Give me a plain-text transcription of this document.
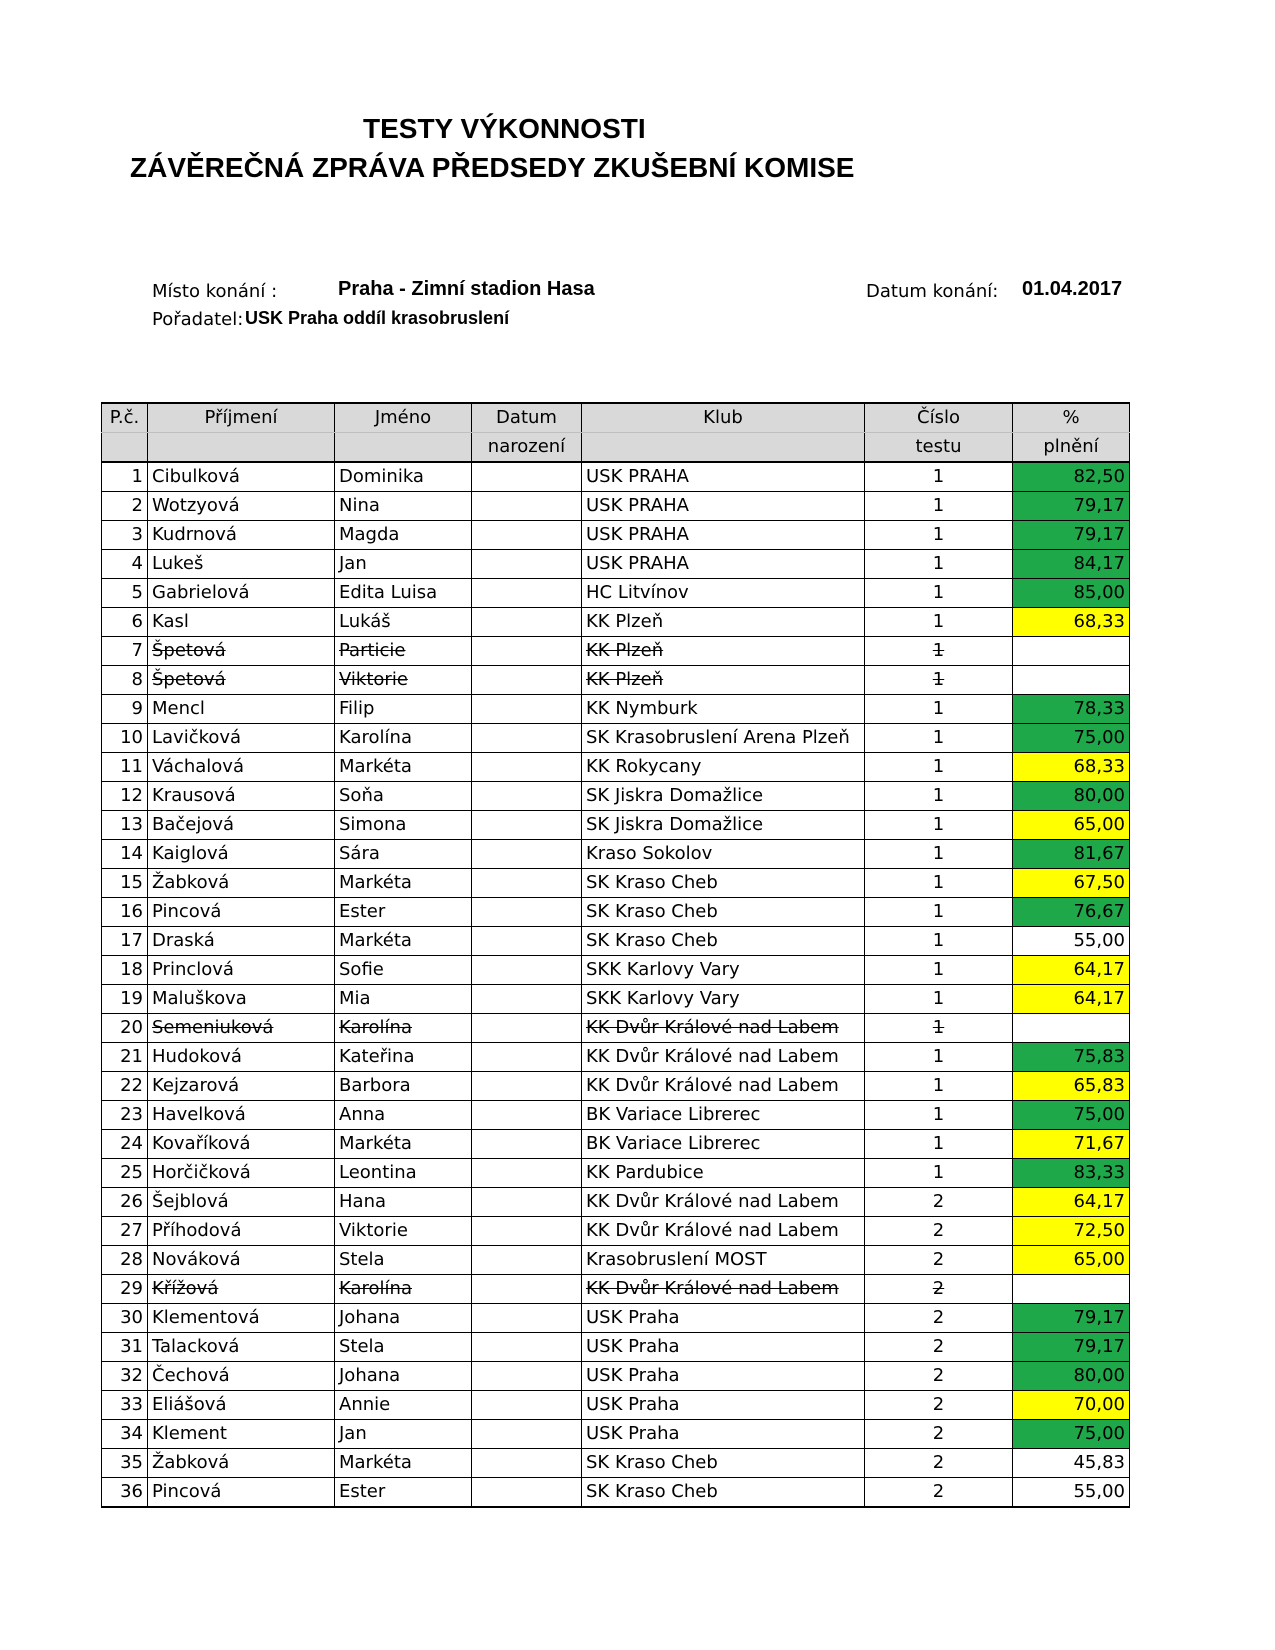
TESTY VÝKONNOSTI
ZÁVĚREČNÁ ZPRÁVA PŘEDSEDY ZKUŠEBNÍ KOMISE
Místo konání :	Praha - Zimní stadion Hasa	Datum konání: 01.04.2017
Pořadatel: USK Praha oddíl krasobruslení
P.č.	Příjmení	Jméno	Datum	Klub	Číslo	%
			narození		testu	plnění
1	Cibulková	Dominika		USK PRAHA	1	82,50
2	Wotzyová	Nina		USK PRAHA	1	79,17
3	Kudrnová	Magda		USK PRAHA	1	79,17
4	Lukeš	Jan		USK PRAHA	1	84,17
5	Gabrielová	Edita Luisa		HC Litvínov	1	85,00
6	Kasl	Lukáš		KK Plzeň	1	68,33
7	Špetová	Particie		KK Plzeň	1	
8	Špetová	Viktorie		KK Plzeň	1	
9	Mencl	Filip		KK Nymburk	1	78,33
10	Lavičková	Karolína		SK Krasobruslení Arena Plzeň	1	75,00
11	Váchalová	Markéta		KK Rokycany	1	68,33
12	Krausová	Soňa		SK Jiskra Domažlice	1	80,00
13	Bačejová	Simona		SK Jiskra Domažlice	1	65,00
14	Kaiglová	Sára		Kraso Sokolov	1	81,67
15	Žabková	Markéta		SK Kraso Cheb	1	67,50
16	Pincová	Ester		SK Kraso Cheb	1	76,67
17	Draská	Markéta		SK Kraso Cheb	1	55,00
18	Princlová	Sofie		SKK Karlovy Vary	1	64,17
19	Maluškova	Mia		SKK Karlovy Vary	1	64,17
20	Semeniuková	Karolína		KK Dvůr Králové nad Labem	1	
21	Hudoková	Kateřina		KK Dvůr Králové nad Labem	1	75,83
22	Kejzarová	Barbora		KK Dvůr Králové nad Labem	1	65,83
23	Havelková	Anna		BK Variace Librerec	1	75,00
24	Kovaříková	Markéta		BK Variace Librerec	1	71,67
25	Horčičková	Leontina		KK Pardubice	1	83,33
26	Šejblová	Hana		KK Dvůr Králové nad Labem	2	64,17
27	Příhodová	Viktorie		KK Dvůr Králové nad Labem	2	72,50
28	Nováková	Stela		Krasobruslení MOST	2	65,00
29	Křížová	Karolína		KK Dvůr Králové nad Labem	2	
30	Klementová	Johana		USK Praha	2	79,17
31	Talacková	Stela		USK Praha	2	79,17
32	Čechová	Johana		USK Praha	2	80,00
33	Eliášová	Annie		USK Praha	2	70,00
34	Klement	Jan		USK Praha	2	75,00
35	Žabková	Markéta		SK Kraso Cheb	2	45,83
36	Pincová	Ester		SK Kraso Cheb	2	55,00
